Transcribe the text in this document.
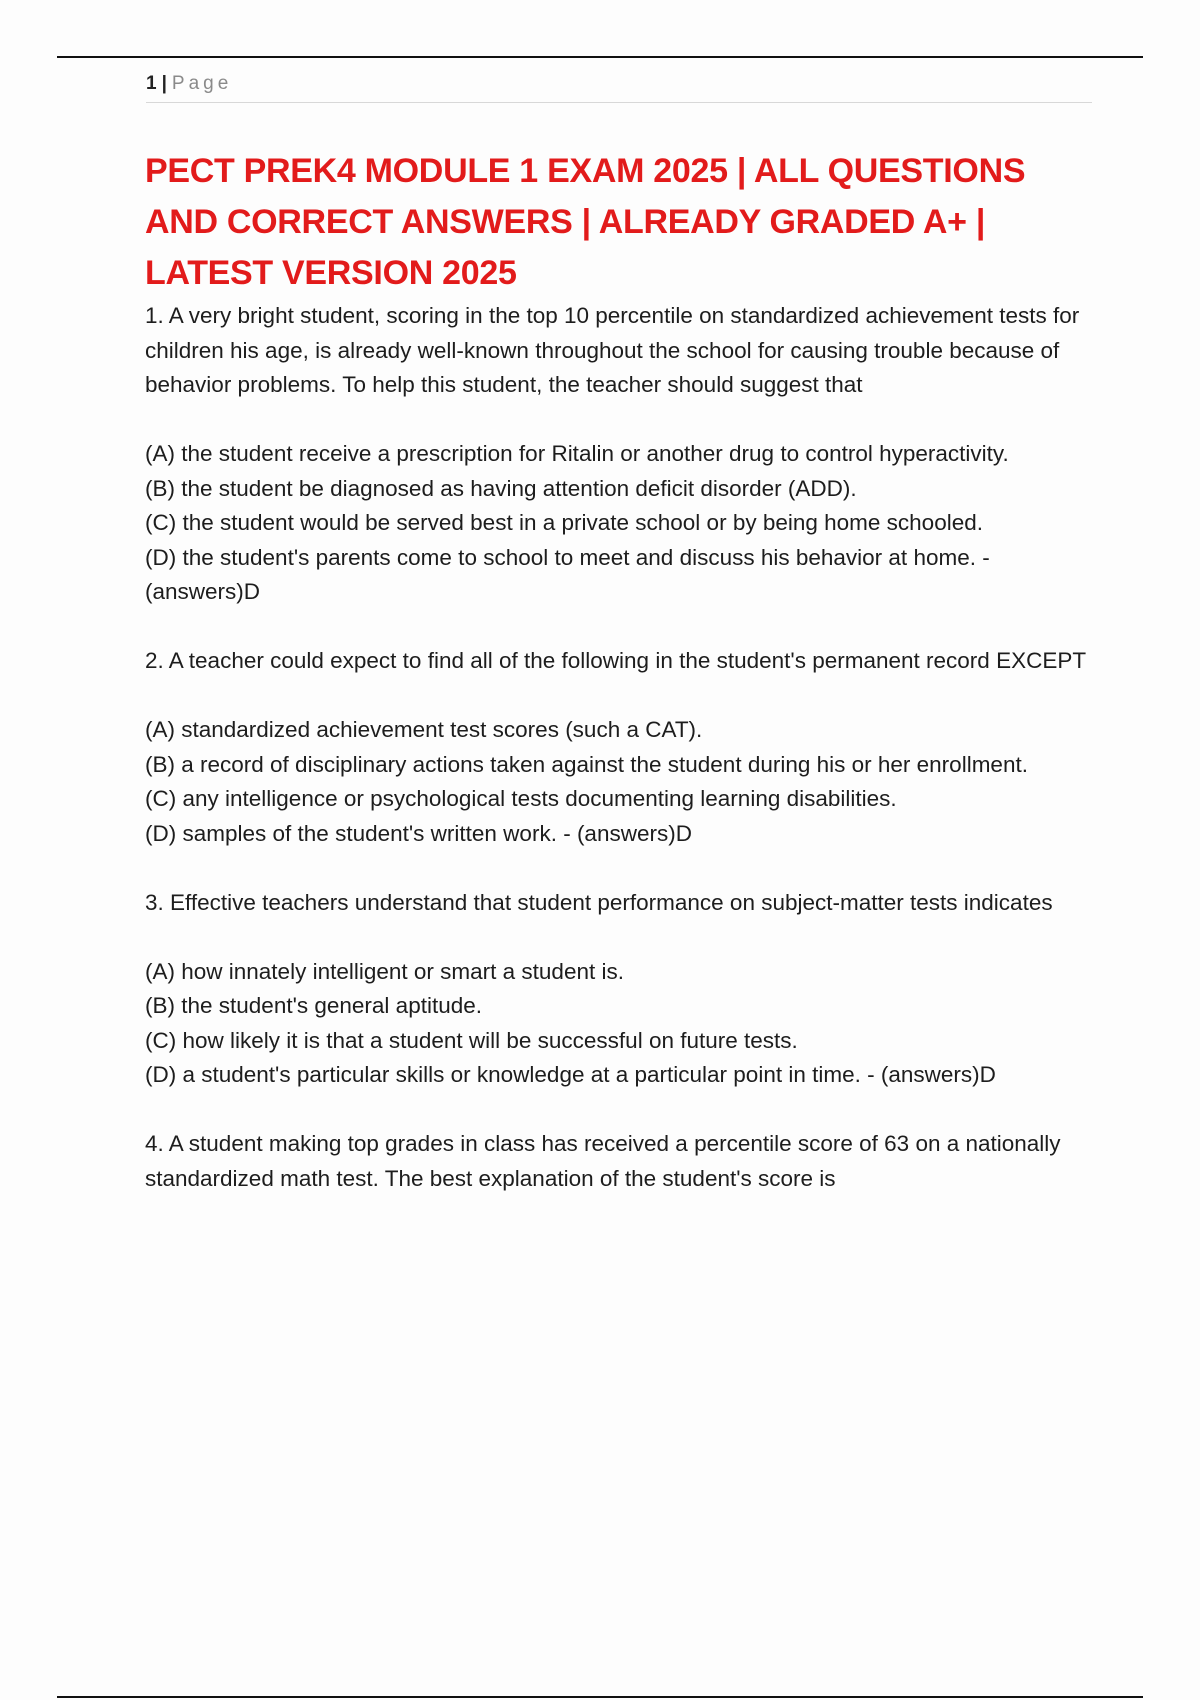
1 | Page
PECT PREK4 MODULE 1 EXAM 2025 | ALL QUESTIONS AND CORRECT ANSWERS | ALREADY GRADED A+ | LATEST VERSION 2025

1. A very bright student, scoring in the top 10 percentile on standardized achievement tests for children his age, is already well-known throughout the school for causing trouble because of behavior problems. To help this student, the teacher should suggest that

(A) the student receive a prescription for Ritalin or another drug to control hyperactivity.

(B) the student be diagnosed as having attention deficit disorder (ADD).

(C) the student would be served best in a private school or by being home schooled.

(D) the student's parents come to school to meet and discuss his behavior at home. - (answers)D

2. A teacher could expect to find all of the following in the student's permanent record EXCEPT

(A) standardized achievement test scores (such a CAT).

(B) a record of disciplinary actions taken against the student during his or her enrollment.

(C) any intelligence or psychological tests documenting learning disabilities.

(D) samples of the student's written work. - (answers)D

3. Effective teachers understand that student performance on subject-matter tests indicates

(A) how innately intelligent or smart a student is.

(B) the student's general aptitude.

(C) how likely it is that a student will be successful on future tests.

(D) a student's particular skills or knowledge at a particular point in time. - (answers)D

4. A student making top grades in class has received a percentile score of 63 on a nationally standardized math test. The best explanation of the student's score is
